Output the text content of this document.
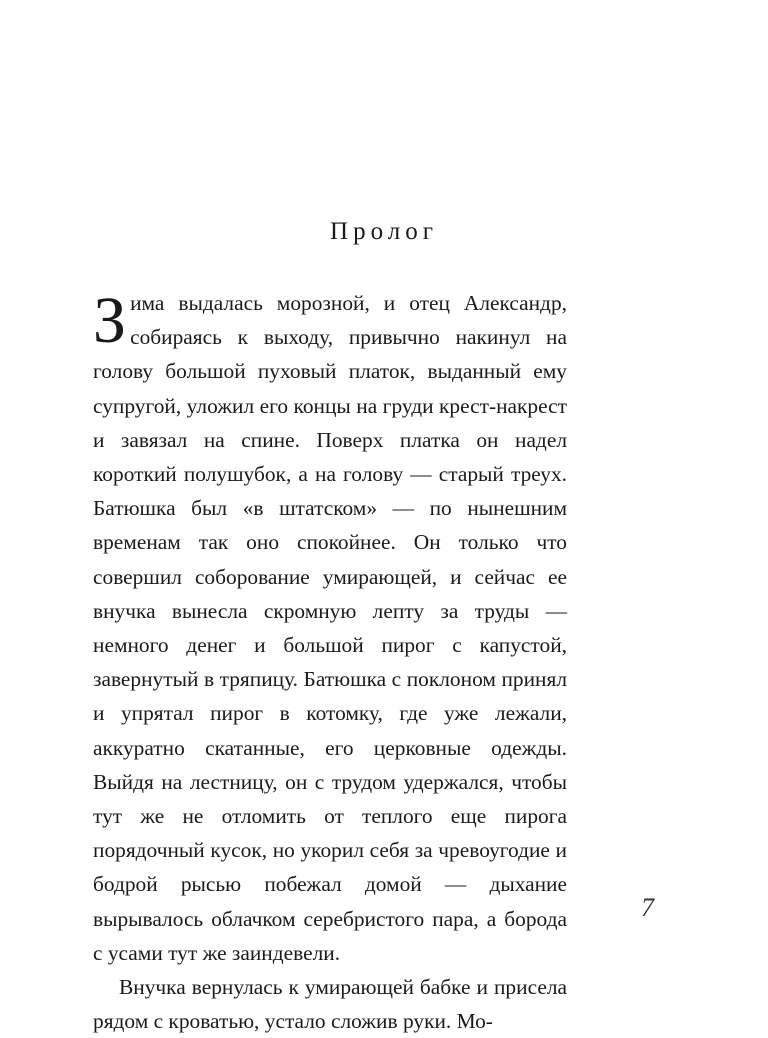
Пролог

Зима выдалась морозной, и отец Александр, собираясь к выходу, привычно накинул на голову большой пуховый платок, выданный ему супругой, уложил его концы на груди крест-накрест и завязал на спине. Поверх платка он надел короткий полушубок, а на голову — старый треух. Батюшка был «в штатском» — по нынешним временам так оно спокойнее. Он только что совершил соборование умирающей, и сейчас ее внучка вынесла скромную лепту за труды — немного денег и большой пирог с капустой, завернутый в тряпицу. Батюшка с поклоном принял и упрятал пирог в котомку, где уже лежали, аккуратно скатанные, его церковные одежды. Выйдя на лестницу, он с трудом удержался, чтобы тут же не отломить от теплого еще пирога порядочный кусок, но укорил себя за чревоугодие и бодрой рысью побежал домой — дыхание вырывалось облачком серебристого пара, а борода с усами тут же заиндевели.

Внучка вернулась к умирающей бабке и присела рядом с кроватью, устало сложив руки. Мо-

7
